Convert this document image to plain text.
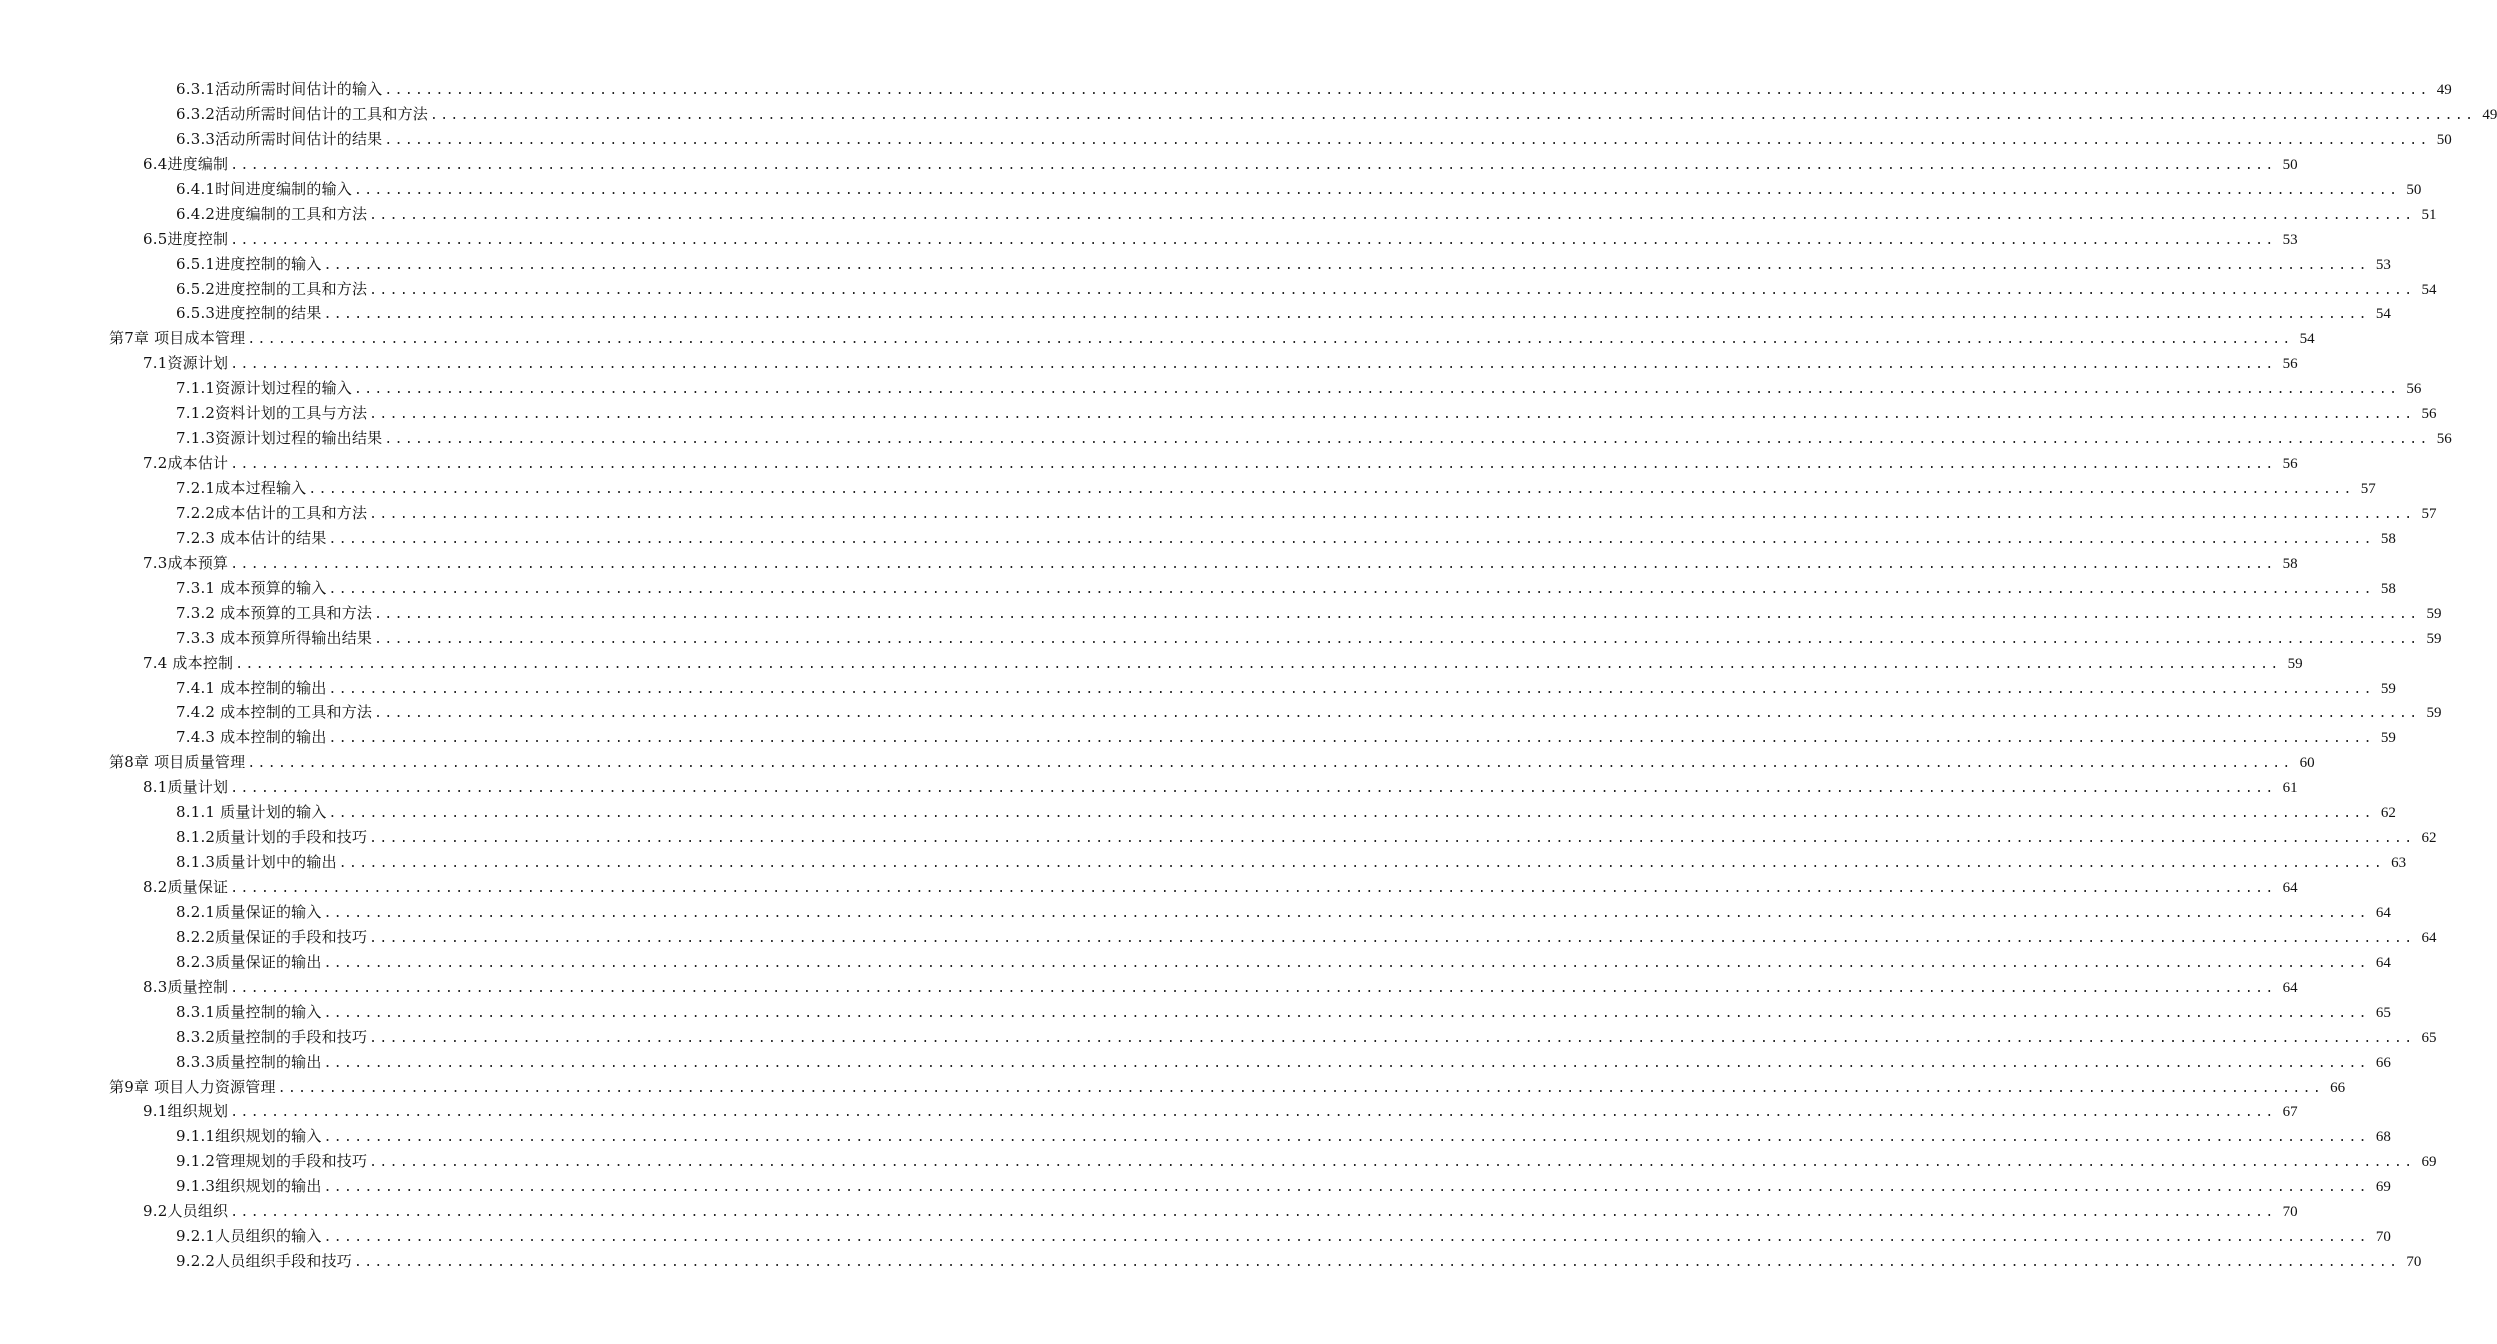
6.3.1活动所需时间估计的输入 ........................................................................................................................................................................................................ 49
6.3.2活动所需时间估计的工具和方法 ........................................................................................................................................................................................................ 49
6.3.3活动所需时间估计的结果 ........................................................................................................................................................................................................ 50
6.4进度编制 ........................................................................................................................................................................................................ 50
6.4.1时间进度编制的输入 ........................................................................................................................................................................................................ 50
6.4.2进度编制的工具和方法 ........................................................................................................................................................................................................ 51
6.5进度控制 ........................................................................................................................................................................................................ 53
6.5.1进度控制的输入 ........................................................................................................................................................................................................ 53
6.5.2进度控制的工具和方法 ........................................................................................................................................................................................................ 54
6.5.3进度控制的结果 ........................................................................................................................................................................................................ 54
第7章 项目成本管理 ........................................................................................................................................................................................................ 54
7.1资源计划 ........................................................................................................................................................................................................ 56
7.1.1资源计划过程的输入 ........................................................................................................................................................................................................ 56
7.1.2资料计划的工具与方法 ........................................................................................................................................................................................................ 56
7.1.3资源计划过程的输出结果 ........................................................................................................................................................................................................ 56
7.2成本估计 ........................................................................................................................................................................................................ 56
7.2.1成本过程输入 ........................................................................................................................................................................................................ 57
7.2.2成本估计的工具和方法 ........................................................................................................................................................................................................ 57
7.2.3 成本估计的结果 ........................................................................................................................................................................................................ 58
7.3成本预算 ........................................................................................................................................................................................................ 58
7.3.1 成本预算的输入 ........................................................................................................................................................................................................ 58
7.3.2 成本预算的工具和方法 ........................................................................................................................................................................................................ 59
7.3.3 成本预算所得输出结果 ........................................................................................................................................................................................................ 59
7.4 成本控制 ........................................................................................................................................................................................................ 59
7.4.1 成本控制的输出 ........................................................................................................................................................................................................ 59
7.4.2 成本控制的工具和方法 ........................................................................................................................................................................................................ 59
7.4.3 成本控制的输出 ........................................................................................................................................................................................................ 59
第8章 项目质量管理 ........................................................................................................................................................................................................ 60
8.1质量计划 ........................................................................................................................................................................................................ 61
8.1.1 质量计划的输入 ........................................................................................................................................................................................................ 62
8.1.2质量计划的手段和技巧 ........................................................................................................................................................................................................ 62
8.1.3质量计划中的输出 ........................................................................................................................................................................................................ 63
8.2质量保证 ........................................................................................................................................................................................................ 64
8.2.1质量保证的输入 ........................................................................................................................................................................................................ 64
8.2.2质量保证的手段和技巧 ........................................................................................................................................................................................................ 64
8.2.3质量保证的输出 ........................................................................................................................................................................................................ 64
8.3质量控制 ........................................................................................................................................................................................................ 64
8.3.1质量控制的输入 ........................................................................................................................................................................................................ 65
8.3.2质量控制的手段和技巧 ........................................................................................................................................................................................................ 65
8.3.3质量控制的输出 ........................................................................................................................................................................................................ 66
第9章 项目人力资源管理 ........................................................................................................................................................................................................ 66
9.1组织规划 ........................................................................................................................................................................................................ 67
9.1.1组织规划的输入 ........................................................................................................................................................................................................ 68
9.1.2管理规划的手段和技巧 ........................................................................................................................................................................................................ 69
9.1.3组织规划的输出 ........................................................................................................................................................................................................ 69
9.2人员组织 ........................................................................................................................................................................................................ 70
9.2.1人员组织的输入 ........................................................................................................................................................................................................ 70
9.2.2人员组织手段和技巧 ........................................................................................................................................................................................................ 70
